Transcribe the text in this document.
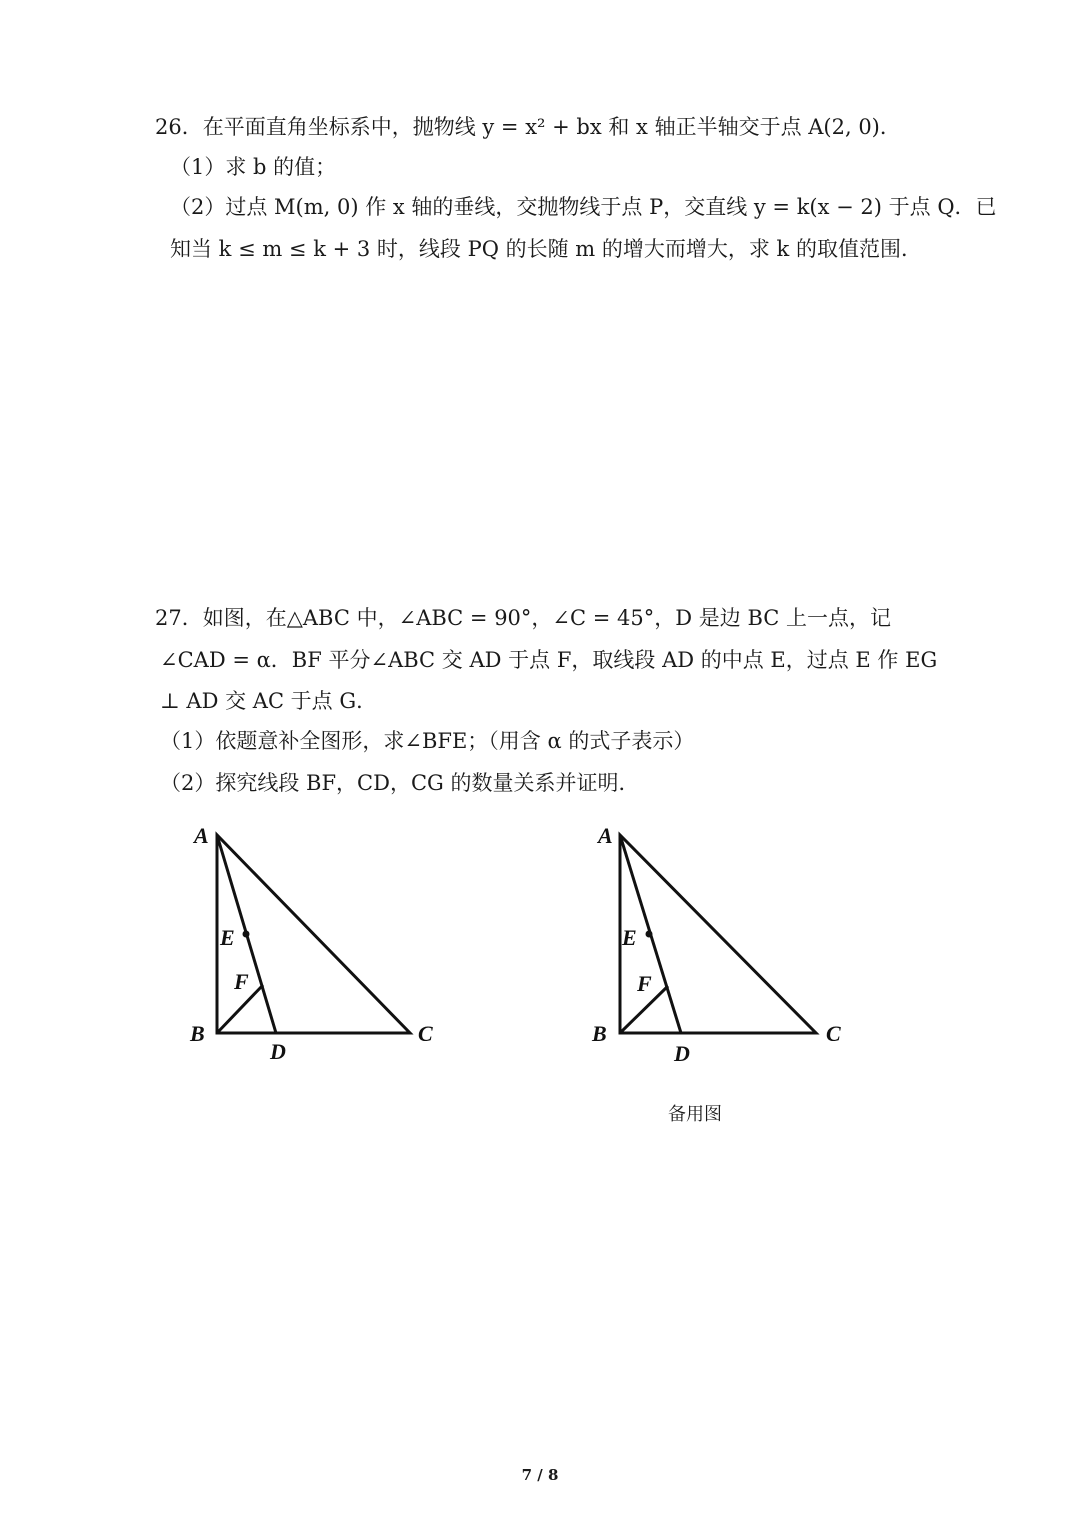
26．在平面直角坐标系中，抛物线 y = x² + bx 和 x 轴正半轴交于点 A(2, 0)．
（1）求 b 的值；
（2）过点 M(m, 0) 作 x 轴的垂线，交抛物线于点 P，交直线 y = k(x − 2) 于点 Q．已
知当 k ≤ m ≤ k + 3 时，线段 PQ 的长随 m 的增大而增大，求 k 的取值范围．
27．如图，在△ABC 中，∠ABC = 90°，∠C = 45°，D 是边 BC 上一点，记
∠CAD = α．BF 平分∠ABC 交 AD 于点 F，取线段 AD 的中点 E，过点 E 作 EG
⊥ AD 交 AC 于点 G．
（1）依题意补全图形，求∠BFE；（用含 α 的式子表示）
（2）探究线段 BF，CD，CG 的数量关系并证明．
A
B	C
D
E
F
A
B	C
D
E
F
备用图
7 / 8
